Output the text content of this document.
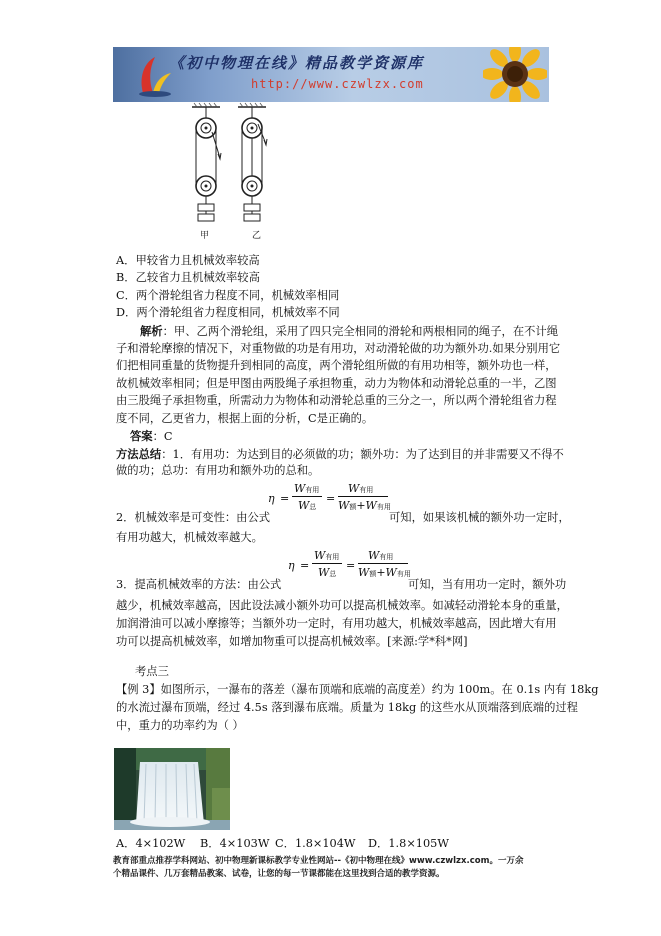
《初中物理在线》精品教学资源库
http://www.czwlzx.com
甲	乙
A．甲较省力且机械效率较高
B．乙较省力且机械效率较高
C．两个滑轮组省力程度不同，机械效率相同
D．两个滑轮组省力程度相同，机械效率不同
解析：甲、乙两个滑轮组，采用了四只完全相同的滑轮和两根相同的绳子，在不计绳
子和滑轮摩擦的情况下，对重物做的功是有用功，对动滑轮做的功为额外功.如果分别用它
们把相同重量的货物提升到相同的高度，两个滑轮组所做的有用功相等，额外功也一样，
故机械效率相同；但是甲图由两股绳子承担物重，动力为物体和动滑轮总重的一半，乙图
由三股绳子承担物重，所需动力为物体和动滑轮总重的三分之一，所以两个滑轮组省力程
度不同，乙更省力，根据上面的分析，C是正确的。
答案：C
方法总结：1．有用功：为达到目的必须做的功；额外功：为了达到目的并非需要又不得不
做的功；总功：有用功和额外功的总和。
η =
W有用
W总
=
W有用
W额+W有用
2．机械效率是可变性：由公式	可知，如果该机械的额外功一定时，
有用功越大，机械效率越大。
η =
W有用
W总
=
W有用
W额+W有用
3．提高机械效率的方法：由公式	可知，当有用功一定时，额外功
越少，机械效率越高，因此设法减小额外功可以提高机械效率。如减轻动滑轮本身的重量，
加润滑油可以减小摩擦等；当额外功一定时，有用功越大，机械效率越高，因此增大有用
功可以提高机械效率，如增加物重可以提高机械效率。[来源:学*科*网]
考点三
【例 3】如图所示，一瀑布的落差（瀑布顶端和底端的高度差）约为 100m。在 0.1s 内有 18kg
的水流过瀑布顶端，经过 4.5s 落到瀑布底端。质量为 18kg 的这些水从顶端落到底端的过程
中，重力的功率约为（ ）
A．4×102W B．4×103W C．1.8×104W D．1.8×105W
教育部重点推荐学科网站、初中物理新课标教学专业性网站--《初中物理在线》www.czwlzx.com。一万余
个精品课件、几万套精品教案、试卷，让您的每一节课都能在这里找到合适的教学资源。
